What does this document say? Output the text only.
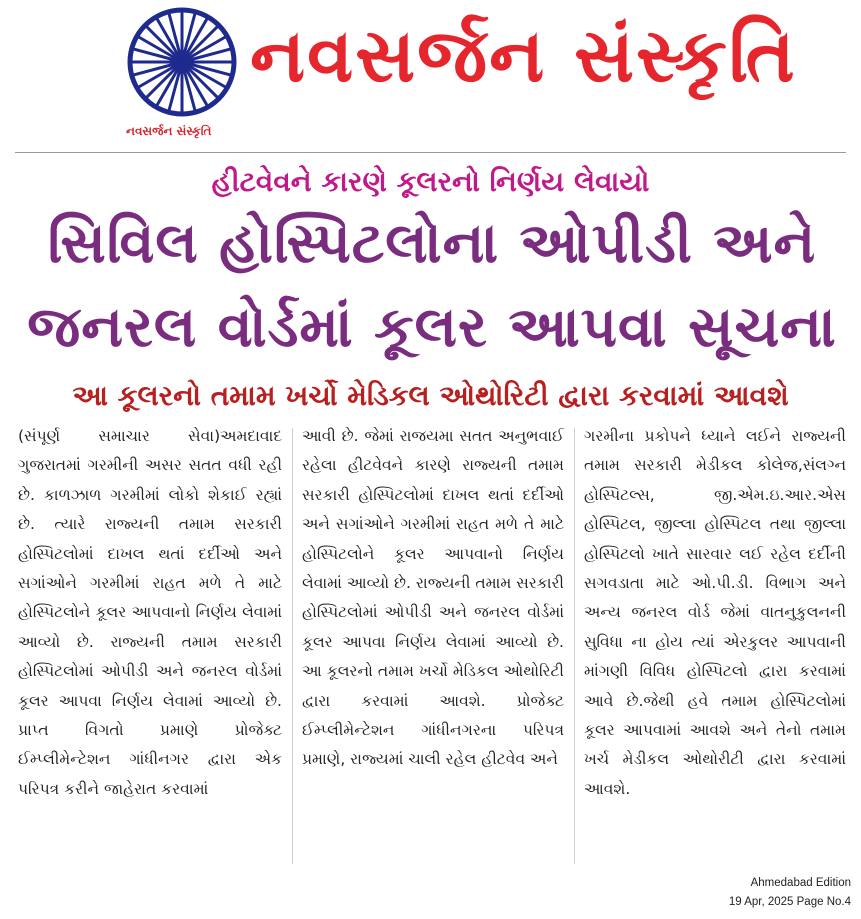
નવસર્જન સંસ્કૃતિ
નવસર્જન સંસ્કૃતિ
હીટવેવને કારણે કૂલરનો નિર્ણય લેવાયો
સિવિલ હોસ્પિટલોના ઓપીડી અને
જનરલ વોર્ડમાં કૂલર આપવા સૂચના
આ કૂલરનો તમામ ખર્ચો મેડિકલ ઓથોરિટી દ્વારા કરવામાં આવશે
(સંપૂર્ણ સમાચાર સેવા)અમદાવાદ ગુજરાતમાં ગરમીની અસર સતત વધી રહી છે. કાળઝાળ ગરમીમાં લોકો શેકાઈ રહ્યાં છે. ત્યારે રાજ્યની તમામ સરકારી હોસ્પિટલોમાં દાખલ થતાં દર્દીઓ અને સગાંઓને ગરમીમાં રાહત મળે તે માટે હોસ્પિટલોને કૂલર આપવાનો નિર્ણય લેવામાં આવ્યો છે. રાજ્યની તમામ સરકારી હોસ્પિટલોમાં ઓપીડી અને જનરલ વોર્ડમાં કૂલર આપવા નિર્ણય લેવામાં આવ્યો છે. પ્રાપ્ત વિગતો પ્રમાણે પ્રોજેક્ટ ઈમ્પ્લીમેન્ટેશન ગાંધીનગર દ્વારા એક પરિપત્ર કરીને જાહેરાત કરવામાં
આવી છે. જેમાં રાજયમા સતત અનુભવાઈ રહેલા હીટવેવને કારણે રાજ્યની તમામ સરકારી હોસ્પિટલોમાં દાખલ થતાં દર્દીઓ અને સગાંઓને ગરમીમાં રાહત મળે તે માટે હોસ્પિટલોને કૂલર આપવાનો નિર્ણય લેવામાં આવ્યો છે. રાજ્યની તમામ સરકારી હોસ્પિટલોમાં ઓપીડી અને જનરલ વોર્ડમાં કૂલર આપવા નિર્ણય લેવામાં આવ્યો છે. આ કૂલરનો તમામ ખર્ચો મેડિકલ ઓથોરિટી દ્વારા કરવામાં આવશે. પ્રોજેક્ટ ઈમ્પ્લીમેન્ટેશન ગાંધીનગરના પરિપત્ર પ્રમાણે, રાજ્યમાં ચાલી રહેલ હીટવેવ અને
ગરમીના પ્રકોપને ધ્યાને લઈને રાજ્યની તમામ સરકારી મેડીકલ કોલેજ,સંલગ્ન હોસ્પિટલ્સ, જી.એમ.ઇ.આર.એસ હોસ્પિટલ, જીલ્લા હોસ્પિટલ તથા જીલ્લા હોસ્પિટલો ખાતે સારવાર લઈ રહેલ દર્દીની સગવડાતા માટે ઓ.પી.ડી. વિભાગ અને અન્ય જનરલ વોર્ડ જેમાં વાતનુકુલનની સુવિધા ના હોય ત્યાં એરકુલર આપવાની માંગણી વિવિધ હોસ્પિટલો દ્વારા કરવામાં આવે છે.જેથી હવે તમામ હોસ્પિટલોમાં કૂલર આપવામાં આવશે અને તેનો તમામ ખર્ચ મેડીકલ ઓથોરીટી દ્વારા કરવામાં આવશે.
Ahmedabad Edition
19 Apr, 2025 Page No.4
